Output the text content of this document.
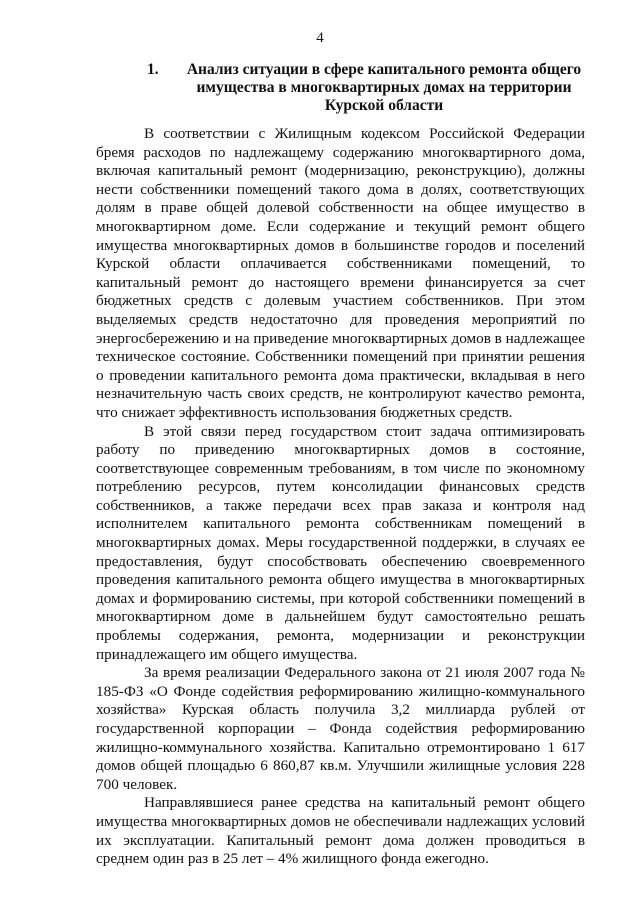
4
1.	Анализ ситуации в сфере капитального ремонта общего имущества в многоквартирных домах на территории Курской области

В соответствии с Жилищным кодексом Российской Федерации бремя расходов по надлежащему содержанию многоквартирного дома, включая капитальный ремонт (модернизацию, реконструкцию), должны нести собственники помещений такого дома в долях, соответствующих долям в праве общей долевой собственности на общее имущество в многоквартирном доме. Если содержание и текущий ремонт общего имущества многоквартирных домов в большинстве городов и поселений Курской области оплачивается собственниками помещений, то капитальный ремонт до настоящего времени финансируется за счет бюджетных средств с долевым участием собственников. При этом выделяемых средств недостаточно для проведения мероприятий по энергосбережению и на приведение многоквартирных домов в надлежащее техническое состояние. Собственники помещений при принятии решения о проведении капитального ремонта дома практически, вкладывая в него незначительную часть своих средств, не контролируют качество ремонта, что снижает эффективность использования бюджетных средств.

В этой связи перед государством стоит задача оптимизировать работу по приведению многоквартирных домов в состояние, соответствующее современным требованиям, в том числе по экономному потреблению ресурсов, путем консолидации финансовых средств собственников, а также передачи всех прав заказа и контроля над исполнителем капитального ремонта собственникам помещений в многоквартирных домах. Меры государственной поддержки, в случаях ее предоставления, будут способствовать обеспечению своевременного проведения капитального ремонта общего имущества в многоквартирных домах и формированию системы, при которой собственники помещений в многоквартирном доме в дальнейшем будут самостоятельно решать проблемы содержания, ремонта, модернизации и реконструкции принадлежащего им общего имущества.

За время реализации Федерального закона от 21 июля 2007 года № 185-ФЗ «О Фонде содействия реформированию жилищно-коммунального хозяйства» Курская область получила 3,2 миллиарда рублей от государственной корпорации – Фонда содействия реформированию жилищно-коммунального хозяйства. Капитально отремонтировано 1 617 домов общей площадью 6 860,87 кв.м. Улучшили жилищные условия 228 700 человек.

Направлявшиеся ранее средства на капитальный ремонт общего имущества многоквартирных домов не обеспечивали надлежащих условий их эксплуатации. Капитальный ремонт дома должен проводиться в среднем один раз в 25 лет – 4% жилищного фонда ежегодно.
